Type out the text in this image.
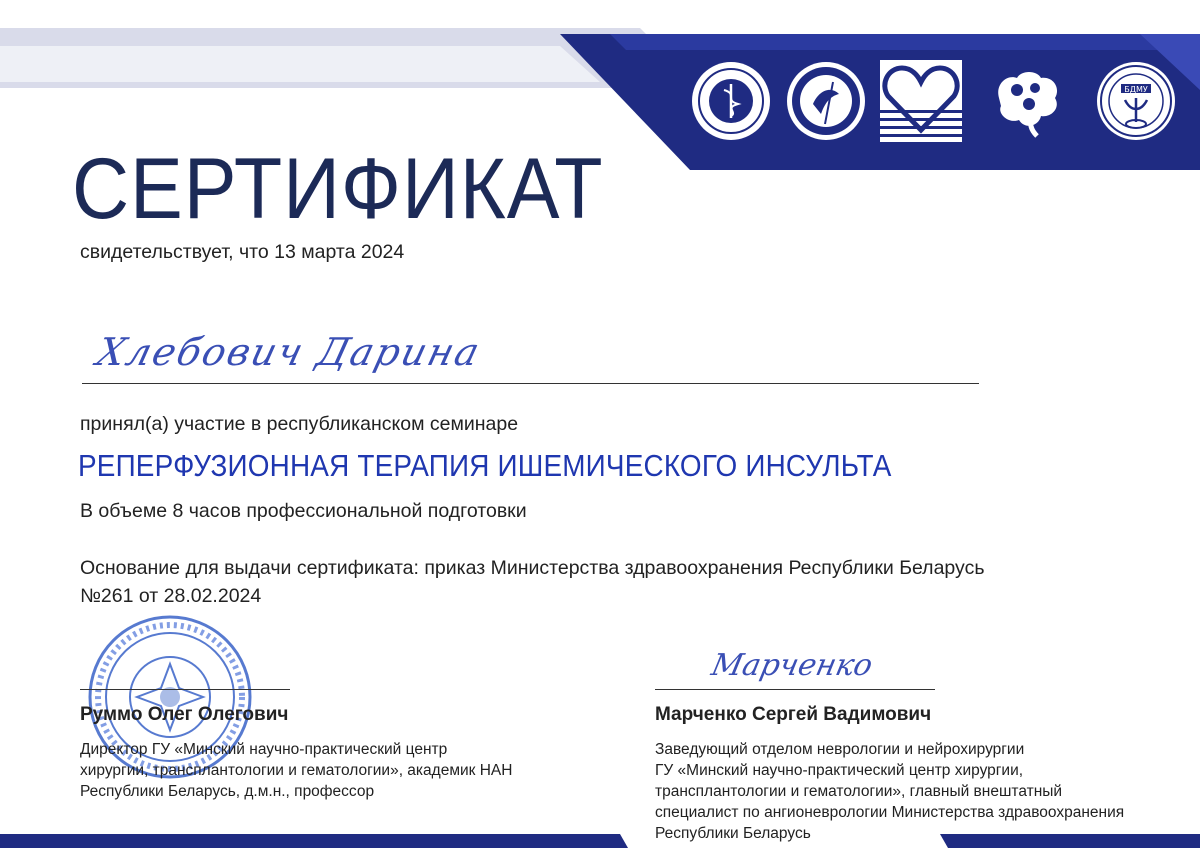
БДМУ
СЕРТИФИКАТ
свидетельствует, что 13 марта 2024
Хлебович Дарина
принял(а) участие в республиканском семинаре
РЕПЕРФУЗИОННАЯ ТЕРАПИЯ ИШЕМИЧЕСКОГО ИНСУЛЬТА
В объеме 8 часов профессиональной подготовки
Основание для выдачи сертификата: приказ Министерства здравоохранения Республики Беларусь
№261 от 28.02.2024
Руммо Олег Олегович
Директор ГУ «Минский научно-практический центр
хирургии, трансплантологии и гематологии», академик НАН
Республики Беларусь, д.м.н., профессор
Марченко
Марченко Сергей Вадимович
Заведующий отделом неврологии и нейрохирургии
ГУ «Минский научно-практический центр хирургии,
трансплантологии и гематологии», главный внештатный
специалист по ангионеврологии Министерства здравоохранения
Республики Беларусь
